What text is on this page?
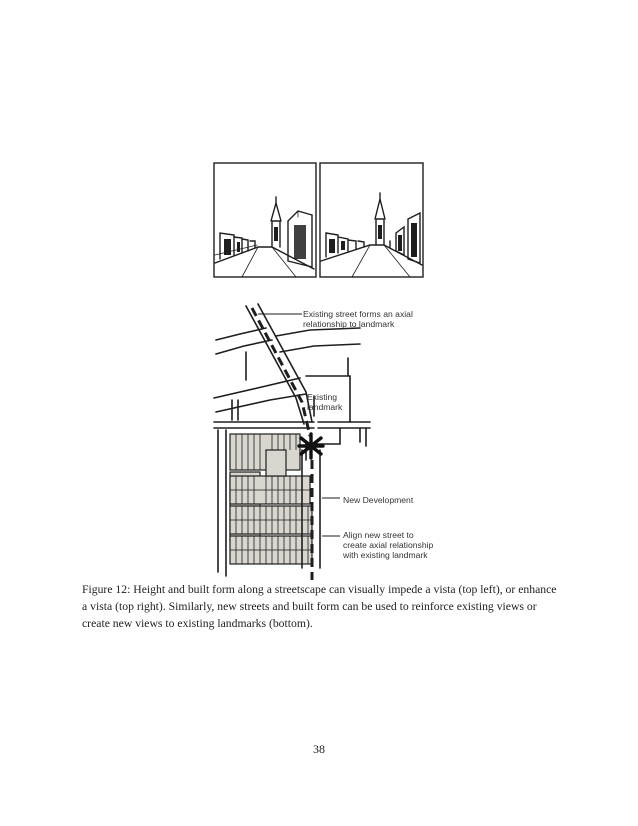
Existing street forms an axial
relationship to landmark

Existing
landmark

New Development

Align new street to
create axial relationship
with existing landmark

Figure 12: Height and built form along a streetscape can visually impede a vista (top left), or enhance a vista (top right). Similarly, new streets and built form can be used to reinforce existing views or create new views to existing landmarks (bottom).

38
